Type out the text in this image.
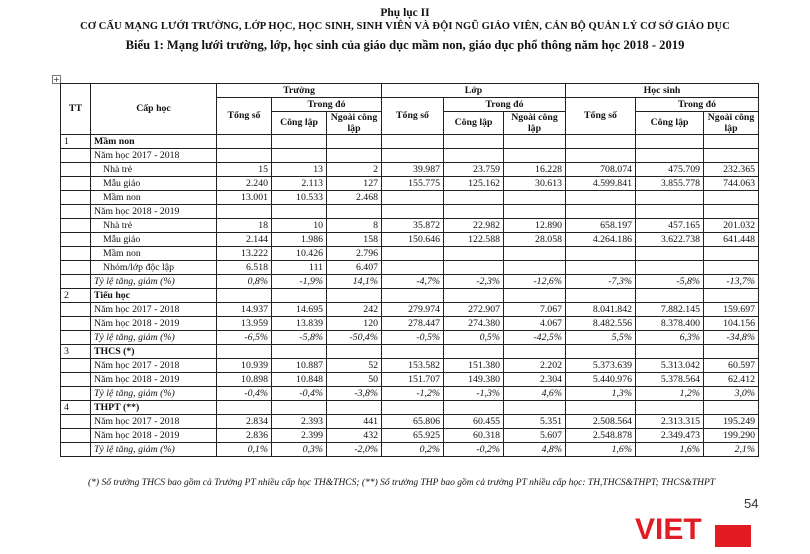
Phụ lục II
CƠ CẤU MẠNG LƯỚI TRƯỜNG, LỚP HỌC, HỌC SINH, SINH VIÊN VÀ ĐỘI NGŨ GIÁO VIÊN, CÁN BỘ QUẢN LÝ CƠ SỞ GIÁO DỤC
Biểu 1: Mạng lưới trường, lớp, học sinh của giáo dục mầm non, giáo dục phổ thông năm học 2018 - 2019
+
TT	Cấp học	Trường			Lớp			Học sinh		
		Tổng số	Trong đó		Tổng số	Trong đó		Tổng số	Trong đó	
			Công lập	Ngoài công lập		Công lập	Ngoài công lập		Công lập	Ngoài công lập
1	Mầm non									
	Năm học 2017 - 2018									
	Nhà trẻ	15	13	2	39.987	23.759	16.228	708.074	475.709	232.365
	Mẫu giáo	2.240	2.113	127	155.775	125.162	30.613	4.599.841	3.855.778	744.063
	Mầm non	13.001	10.533	2.468						
	Năm học 2018 - 2019									
	Nhà trẻ	18	10	8	35.872	22.982	12.890	658.197	457.165	201.032
	Mẫu giáo	2.144	1.986	158	150.646	122.588	28.058	4.264.186	3.622.738	641.448
	Mầm non	13.222	10.426	2.796						
	Nhóm/lớp độc lập	6.518	111	6.407						
	Tỷ lệ tăng, giảm (%)	0,8%	-1,9%	14,1%	-4,7%	-2,3%	-12,6%	-7,3%	-5,8%	-13,7%
2	Tiểu học									
	Năm học 2017 - 2018	14.937	14.695	242	279.974	272.907	7.067	8.041.842	7.882.145	159.697
	Năm học 2018 - 2019	13.959	13.839	120	278.447	274.380	4.067	8.482.556	8.378.400	104.156
	Tỷ lệ tăng, giảm (%)	-6,5%	-5,8%	-50,4%	-0,5%	0,5%	-42,5%	5,5%	6,3%	-34,8%
3	THCS (*)									
	Năm học 2017 - 2018	10.939	10.887	52	153.582	151.380	2.202	5.373.639	5.313.042	60.597
	Năm học 2018 - 2019	10.898	10.848	50	151.707	149.380	2.304	5.440.976	5.378.564	62.412
	Tỷ lệ tăng, giảm (%)	-0,4%	-0,4%	-3,8%	-1,2%	-1,3%	4,6%	1,3%	1,2%	3,0%
4	THPT (**)									
	Năm học 2017 - 2018	2.834	2.393	441	65.806	60.455	5.351	2.508.564	2.313.315	195.249
	Năm học 2018 - 2019	2.836	2.399	432	65.925	60.318	5.607	2.548.878	2.349.473	199.290
	Tỷ lệ tăng, giảm (%)	0,1%	0,3%	-2,0%	0,2%	-0,2%	4,8%	1,6%	1,6%	2,1%
(*) Số trường THCS bao gồm cả Trường PT nhiều cấp học TH&THCS; (**) Số trường THP bao gồm cả trường PT nhiều cấp học: TH,THCS&THPT; THCS&THPT
54
VIET
